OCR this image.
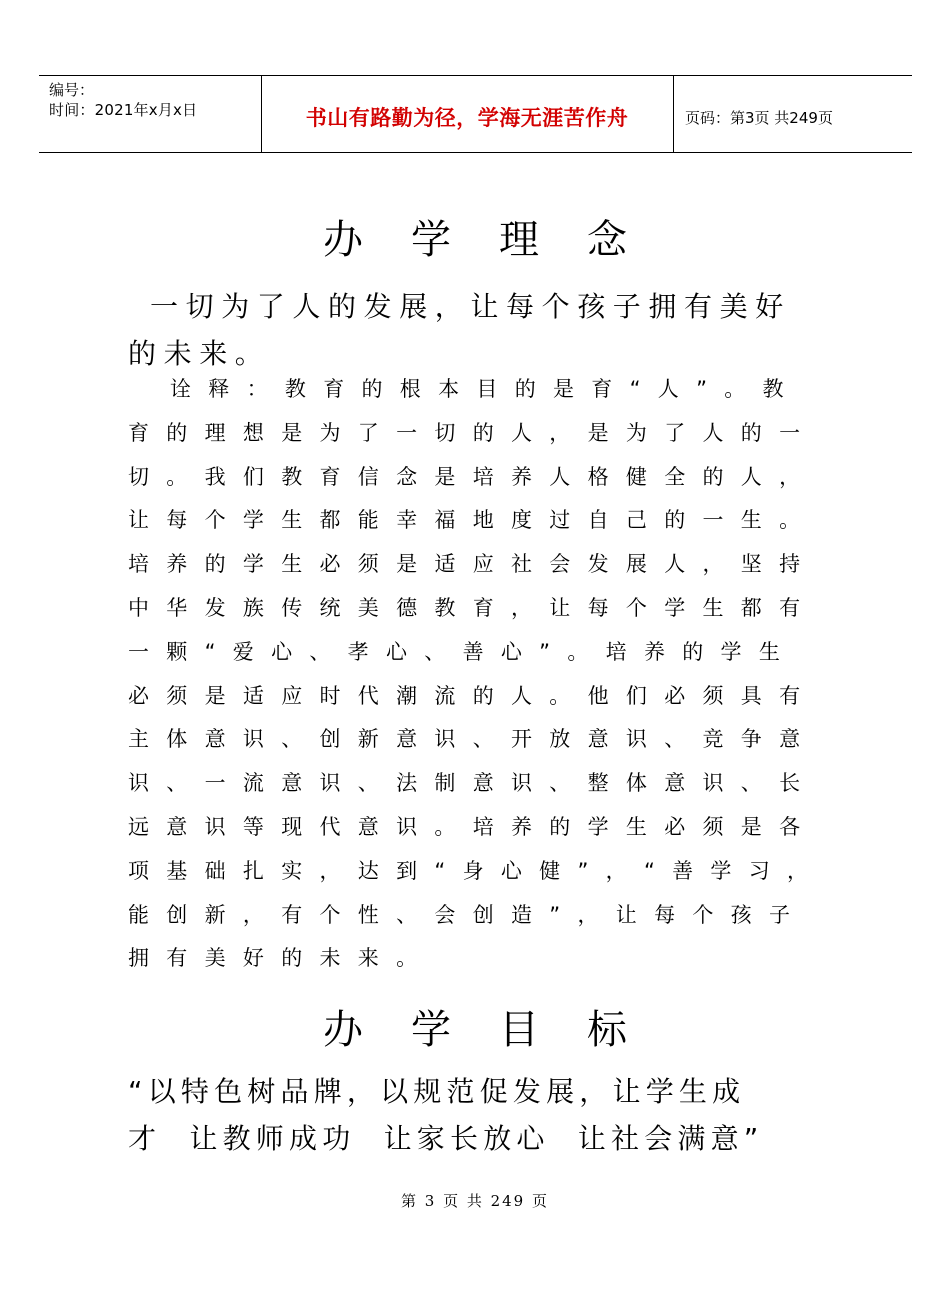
编号：
时间：2021年x月x日	书山有路勤为径，学海无涯苦作舟	页码：第3页 共249页
办学理念
一切为了人的发展，让每个孩子拥有美好
的未来。
诠释：教育的根本目的是育“人”。教
育的理想是为了一切的人，是为了人的一
切。我们教育信念是培养人格健全的人，
让每个学生都能幸福地度过自己的一生。
培养的学生必须是适应社会发展人，坚持
中华发族传统美德教育，让每个学生都有
一颗“爱心、孝心、善心”。培养的学生
必须是适应时代潮流的人。他们必须具有
主体意识、创新意识、开放意识、竞争意
识、一流意识、法制意识、整体意识、长
远意识等现代意识。培养的学生必须是各
项基础扎实，达到“身心健”，“善学习，
能创新，有个性、会创造”，让每个孩子
拥有美好的未来。
办学目标
“以特色树品牌，以规范促发展，让学生成
才  让教师成功  让家长放心  让社会满意”
第 3 页 共 249 页
